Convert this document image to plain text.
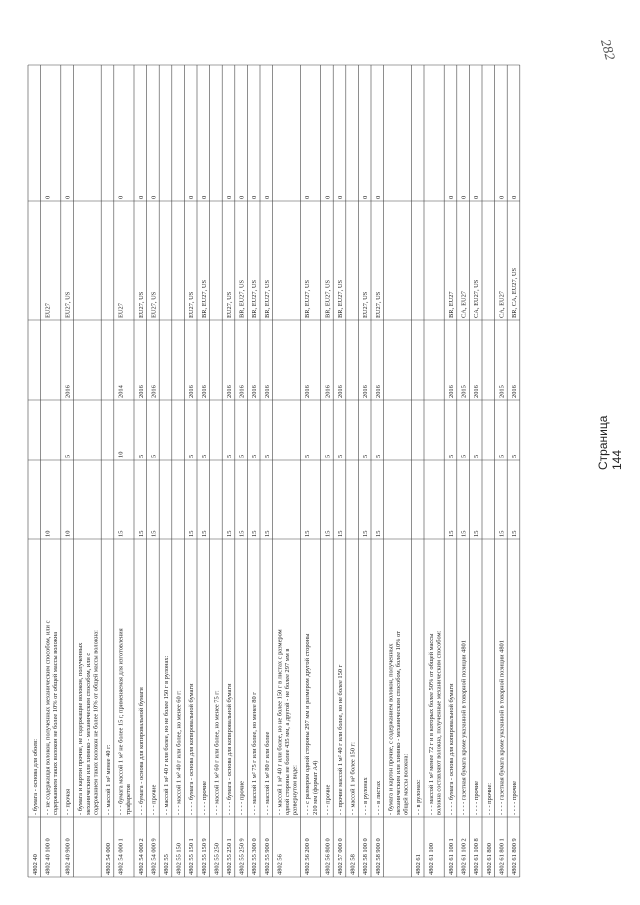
- бумага - основа для обоев:
4802 40
- - не содержащая волокон, полученных механическим способом, или с содержанием таких волокон не более 10% от общей массы волокна
4802 40 100 0
10
EU27
0
- - прочая
4802 40 900 0
10
5
2016
EU27, US
0
- бумага и картон прочие, не содержащие волокон, полученных механическим или химико - механическим способом, или с содержанием таких волокон не более 10% от общей массы волокна: - - массой 1 м² менее 40 г:
4802 54 000
- - - бумага массой 1 м² не более 15 г, применяемая для изготовления трафаретов
4802 54 000 1
15
10
2014
EU27
0
- - - бумага - основа для копировальной бумаги
4802 54 000 2
15
5
2016
EU27, US
0
- - - прочие
4802 54 000 9
15
5
2016
EU27, US
0
- - массой 1 м² 40 г или более, но не более 150 г в рулонах:
4802 55
- - - массой 1 м² 40 г или более, но менее 60 г:
4802 55 150
- - - - бумага - основа для копировальной бумаги
4802 55 150 1
15
5
2016
EU27, US
0
- - - - прочие
4802 55 150 9
15
5
2016
BR, EU27, US
0
- - - массой 1 м² 60 г или более, но менее 75 г:
4802 55 250
- - - - бумага - основа для копировальной бумаги
4802 55 250 1
15
5
2016
EU27, US
0
- - - - прочие
4802 55 250 9
15
5
2016
BR, EU27, US
0
- - - массой 1 м² 75 г или более, но менее 80 г
4802 55 300 0
15
5
2016
BR, EU27, US
0
- - - массой 1 м² 80 г или более
4802 55 900 0
15
5
2016
BR, EU27, US
0
- - массой 1 м² 40 г или более, но не более 150 г в листах с размером одной стороны не более 435 мм, а другой - не более 297 мм в развернутом виде:
4802 56
- - - с размером одной стороны 297 мм и размером другой стороны 210 мм (формат А4)
4802 56 200 0
15
5
2016
BR, EU27, US
0
- - - прочие
4802 56 800 0
15
5
2016
BR, EU27, US
0
- - прочие массой 1 м² 40 г или более, но не более 150 г
4802 57 000 0
15
5
2016
BR, EU27, US
0
- - массой 1 м² более 150 г:
4802 58
- - - в рулонах
4802 58 100 0
15
5
2016
EU27, US
0
- - - в листах
4802 58 900 0
15
5
2016
EU27, US
0
- бумага и картон прочие, с содержанием волокон, полученных механическим или химико - механическим способом, более 10% от общей массы волокна: - - в рулонах:
4802 61
- - - массой 1 м² менее 72 г и в которых более 50% от общей массы волокна составляют волокна, полученные механическим способом:
4802 61 100
- - - - бумага - основа для копировальной бумаги
4802 61 100 1
15
5
2016
BR, EU27
0
- - - - газетная бумага кроме указанной в товарной позиции 4801
4802 61 100 2
15
5
2015
CA, EU27
0
- - - - прочие
4802 61 100 8
15
5
2016
CA, EU27, US
0
- - - прочие:
4802 61 800
- - - - газетная бумага кроме указанной в товарной позиции 4801
4802 61 800 1
15
5
2015
CA, EU27
0
- - - - прочие
4802 61 800 9
15
5
2016
BR, CA, EU27, US
0
282
Страница 144
